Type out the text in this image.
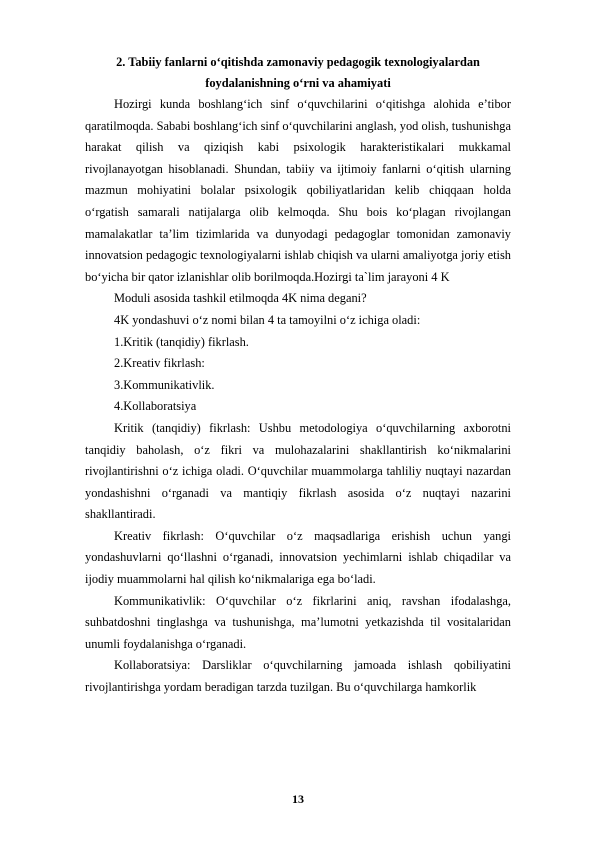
2. Tabiiy fanlarni o‘qitishda zamonaviy pedagogik texnologiyalardan
foydalanishning o‘rni va ahamiyati

Hozirgi kunda boshlang‘ich sinf o‘quvchilarini o‘qitishga alohida e’tibor qaratilmoqda. Sababi boshlang‘ich sinf o‘quvchilarini anglash, yod olish, tushunishga harakat qilish va qiziqish kabi psixologik harakteristikalari mukkamal rivojlanayotgan hisoblanadi. Shundan, tabiiy va ijtimoiy fanlarni o‘qitish ularning mazmun mohiyatini bolalar psixologik qobiliyatlaridan kelib chiqqaan holda o‘rgatish samarali natijalarga olib kelmoqda. Shu bois ko‘plagan rivojlangan mamalakatlar ta’lim tizimlarida va dunyodagi pedagoglar tomonidan zamonaviy innovatsion pedagogic texnologiyalarni ishlab chiqish va ularni amaliyotga joriy etish bo‘yicha bir qator izlanishlar olib borilmoqda.Hozirgi ta`lim jarayoni 4 K

Moduli asosida tashkil etilmoqda 4K nima degani?

4K yondashuvi o‘z nomi bilan 4 ta tamoyilni o‘z ichiga oladi:

1.Kritik (tanqidiy) fikrlash.

2.Kreativ fikrlash:

3.Kommunikativlik.

4.Kollaboratsiya

Kritik (tanqidiy) fikrlash: Ushbu metodologiya o‘quvchilarning axborotni tanqidiy baholash, o‘z fikri va mulohazalarini shakllantirish ko‘nikmalarini rivojlantirishni o‘z ichiga oladi. O‘quvchilar muammolarga tahliliy nuqtayi nazardan yondashishni o‘rganadi va mantiqiy fikrlash asosida o‘z nuqtayi nazarini shakllantiradi.

Kreativ fikrlash: O‘quvchilar o‘z maqsadlariga erishish uchun yangi yondashuvlarni qo‘llashni o‘rganadi, innovatsion yechimlarni ishlab chiqadilar va ijodiy muammolarni hal qilish ko‘nikmalariga ega bo‘ladi.

Kommunikativlik: O‘quvchilar o‘z fikrlarini aniq, ravshan ifodalashga, suhbatdoshni tinglashga va tushunishga, ma’lumotni yetkazishda til vositalaridan unumli foydalanishga o‘rganadi.

Kollaboratsiya: Darsliklar o‘quvchilarning jamoada ishlash qobiliyatini rivojlantirishga yordam beradigan tarzda tuzilgan. Bu o‘quvchilarga hamkorlik

13
